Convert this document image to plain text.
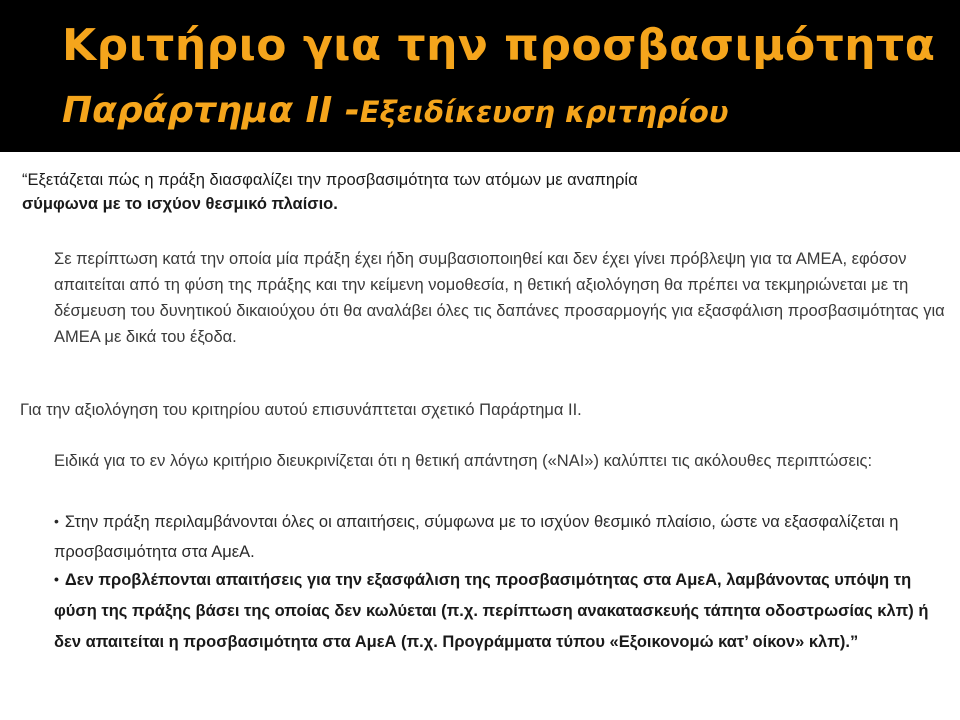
Κριτήριο για την προσβασιμότητα
Παράρτημα ΙΙ -Εξειδίκευση κριτηρίου
“Εξετάζεται πώς η πράξη διασφαλίζει την προσβασιμότητα των ατόμων με αναπηρία
σύμφωνα με το ισχύον θεσμικό πλαίσιο.
Σε περίπτωση κατά την οποία μία πράξη έχει ήδη συμβασιοποιηθεί και δεν έχει γίνει πρόβλεψη για τα ΑΜΕΑ, εφόσον απαιτείται από τη φύση της πράξης και την κείμενη νομοθεσία, η θετική αξιολόγηση θα πρέπει να τεκμηριώνεται με τη δέσμευση του δυνητικού δικαιούχου ότι θα αναλάβει όλες τις δαπάνες προσαρμογής για εξασφάλιση προσβασιμότητας για ΑΜΕΑ με δικά του έξοδα.
Για την αξιολόγηση του κριτηρίου αυτού επισυνάπτεται σχετικό Παράρτημα ΙΙ.
Ειδικά για το εν λόγω κριτήριο διευκρινίζεται ότι η θετική απάντηση («ΝΑΙ») καλύπτει τις ακόλουθες περιπτώσεις:
• Στην πράξη περιλαμβάνονται όλες οι απαιτήσεις, σύμφωνα με το ισχύον θεσμικό πλαίσιο, ώστε να εξασφαλίζεται η προσβασιμότητα στα ΑμεΑ.
• Δεν προβλέπονται απαιτήσεις για την εξασφάλιση της προσβασιμότητας στα ΑμεΑ, λαμβάνοντας υπόψη τη φύση της πράξης βάσει της οποίας δεν κωλύεται (π.χ. περίπτωση ανακατασκευής τάπητα οδοστρωσίας κλπ) ή δεν απαιτείται η προσβασιμότητα στα ΑμεΑ (π.χ. Προγράμματα τύπου «Εξοικονομώ κατ’ οίκον» κλπ).”
